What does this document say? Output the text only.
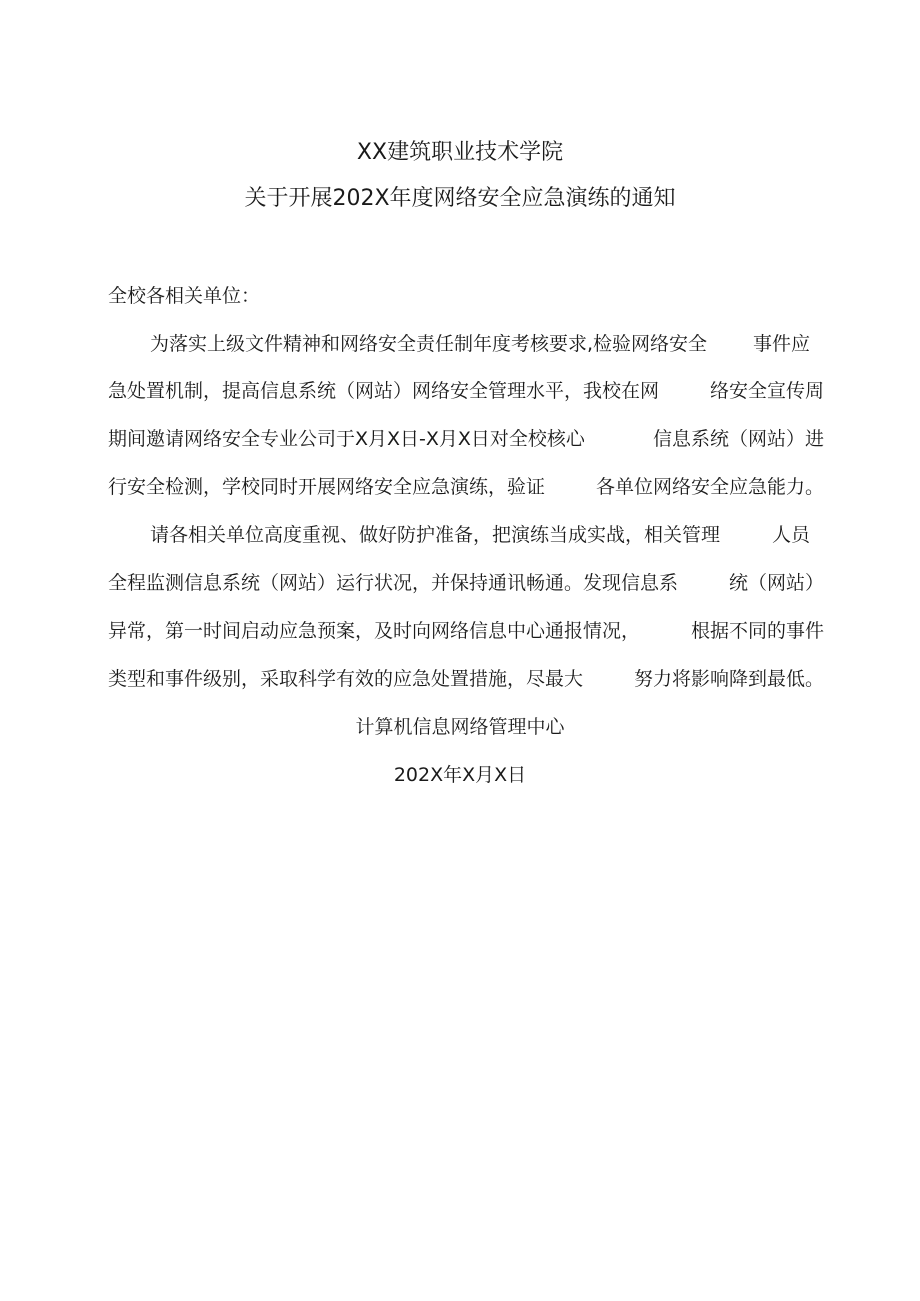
XX建筑职业技术学院
关于开展202X年度网络安全应急演练的通知
全校各相关单位：
为落实上级文件精神和网络安全责任制年度考核要求,检验网络安全 事件应
急处置机制，提高信息系统（网站）网络安全管理水平，我校在网	络安全宣传周
期间邀请网络安全专业公司于X月X日-X月X日对全校核心	信息系统（网站）进
行安全检测，学校同时开展网络安全应急演练，验证	各单位网络安全应急能力。
请各相关单位高度重视、做好防护准备，把演练当成实战，相关管理	人员
全程监测信息系统（网站）运行状况，并保持通讯畅通。发现信息系	统（网站）
异常，第一时间启动应急预案，及时向网络信息中心通报情况，	根据不同的事件
类型和事件级别，采取科学有效的应急处置措施，尽最大	努力将影响降到最低。
计算机信息网络管理中心
202X年X月X日
